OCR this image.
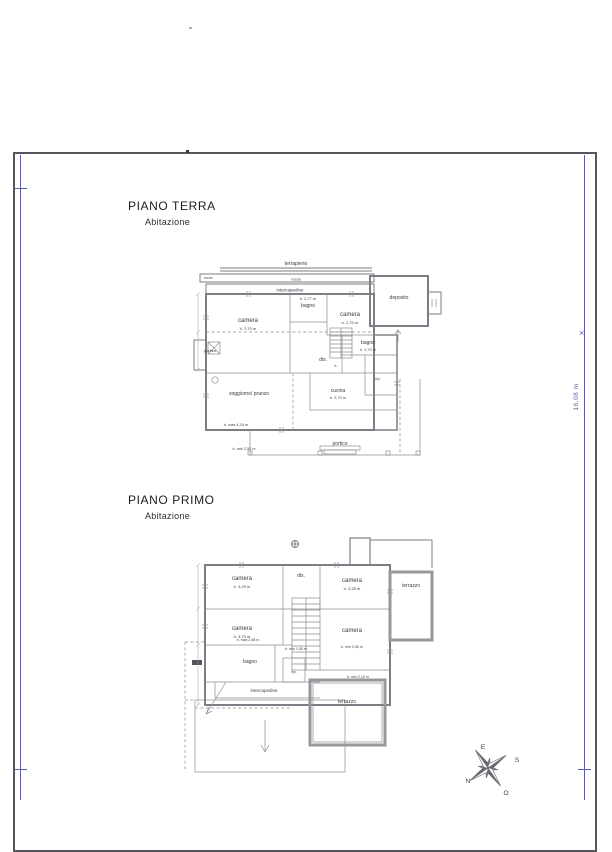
×
16,08 m
PIANO TERRA
Abitazione
PIANO PRIMO
Abitazione
terrapieno
rocce
rocce
intercapedine
camera
h. 2,70 m
bagno
h. 2,77 m
camera
h. 2,70 m
deposito
portico
dis.
bagno
h. 2,70 m
rip.
k.
cucina
h. 2,70 m
soggiorno/ pranzo
portico
h. max 4,24 m
h. min 2,52 m
camera
h. 3,29 m
dis.
camera
h. 3,28 m	terrazzo
camera
h. 3,73 m
camera
h. min 2,05 m
h. min 2,10 m
h. min 1,50 m
h. max 2,58 m
bagno
rip.
intercapedine
terrazzo
E
S
N
O
